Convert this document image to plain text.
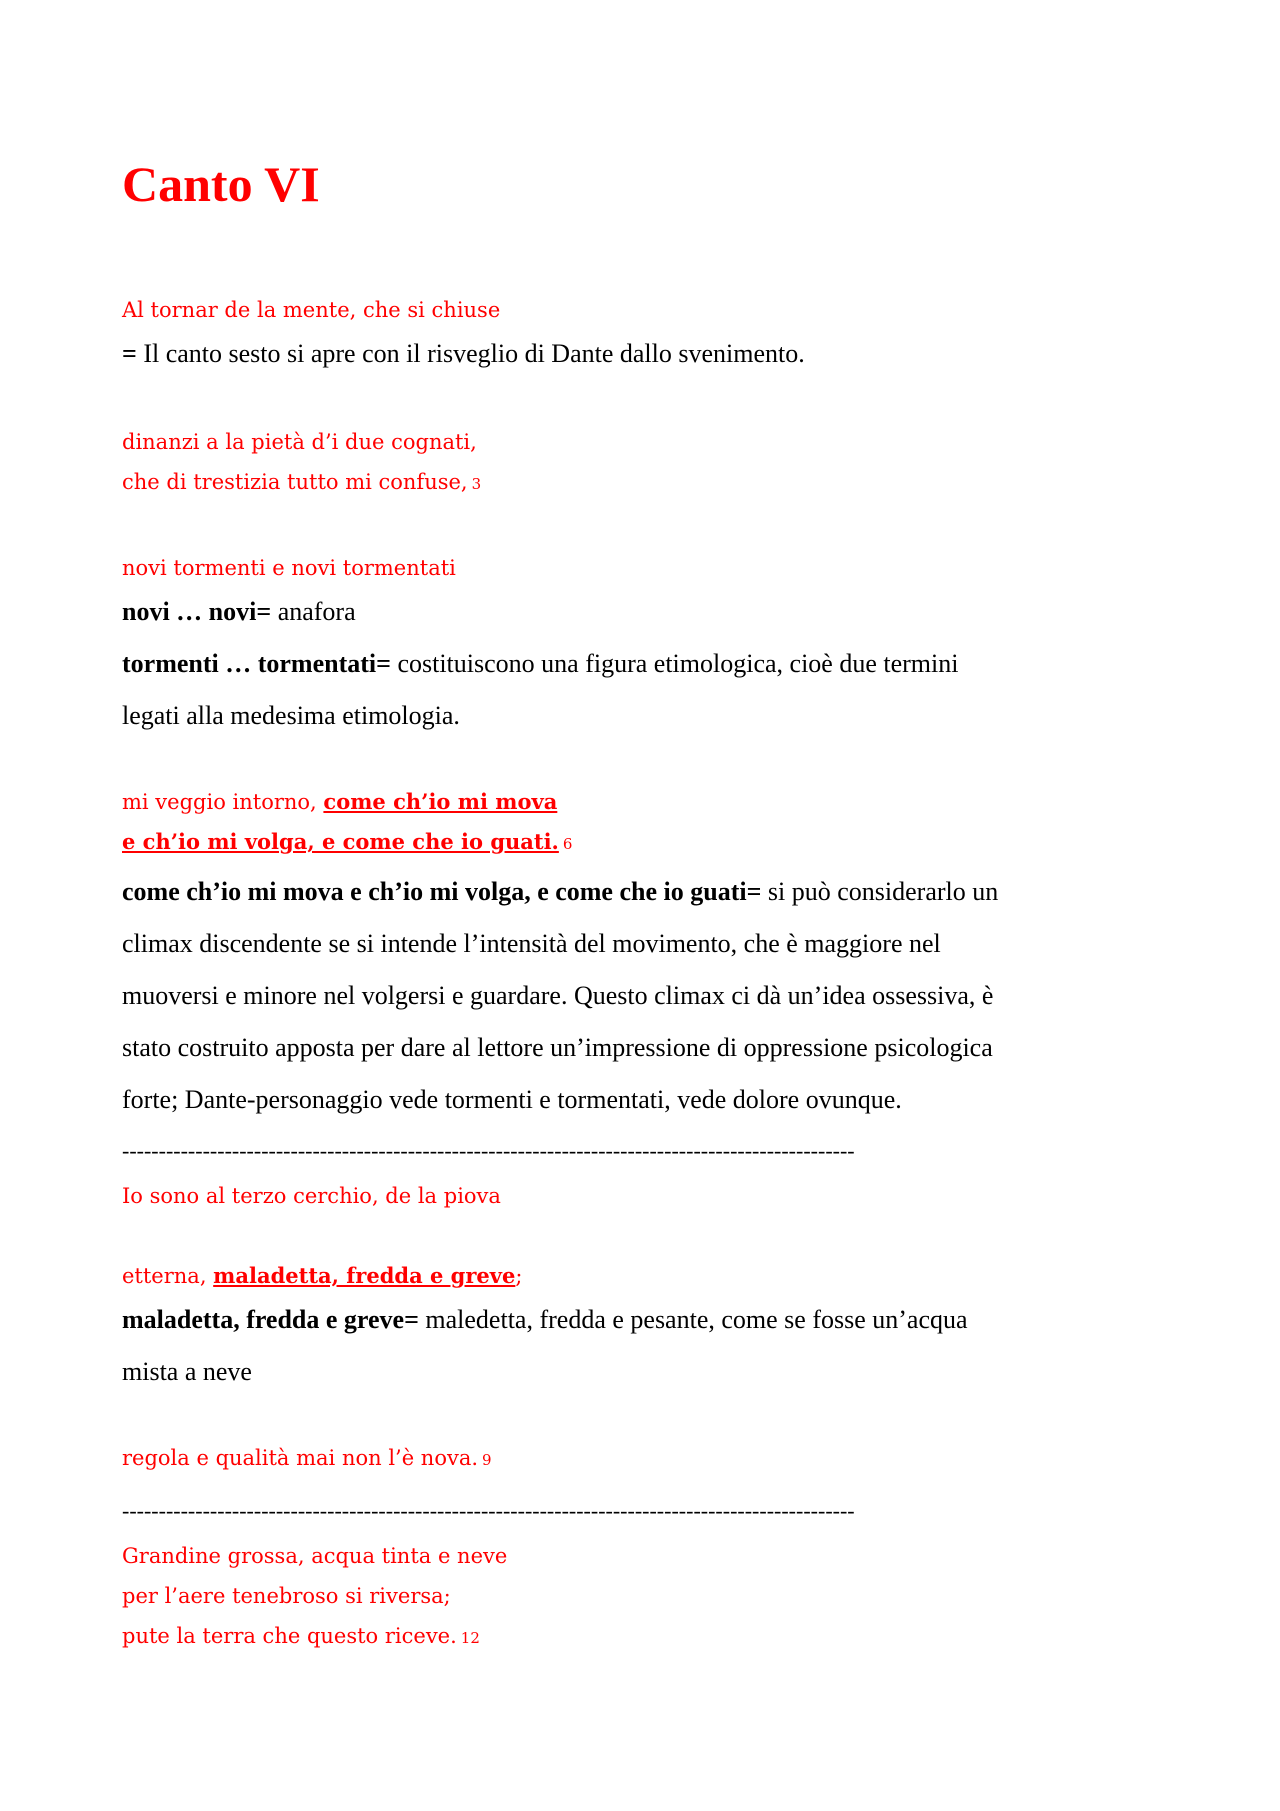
Canto VI
Al tornar de la mente, che si chiuse
= Il canto sesto si apre con il risveglio di Dante dallo svenimento.
dinanzi a la pietà d’i due cognati,
che di trestizia tutto mi confuse, 3
novi tormenti e novi tormentati
novi … novi= anafora
tormenti … tormentati= costituiscono una figura etimologica, cioè due termini
legati alla medesima etimologia.
mi veggio intorno, come ch’io mi mova
e ch’io mi volga, e come che io guati. 6
come ch’io mi mova e ch’io mi volga, e come che io guati= si può considerarlo un
climax discendente se si intende l’intensità del movimento, che è maggiore nel
muoversi e minore nel volgersi e guardare. Questo climax ci dà un’idea ossessiva, è
stato costruito apposta per dare al lettore un’impressione di oppressione psicologica
forte; Dante-personaggio vede tormenti e tormentati, vede dolore ovunque.
----------------------------------------------------------------------------------------------------
Io sono al terzo cerchio, de la piova
etterna, maladetta, fredda e greve;
maladetta, fredda e greve= maledetta, fredda e pesante, come se fosse un’acqua
mista a neve
regola e qualità mai non l’è nova. 9
----------------------------------------------------------------------------------------------------
Grandine grossa, acqua tinta e neve
per l’aere tenebroso si riversa;
pute la terra che questo riceve. 12
